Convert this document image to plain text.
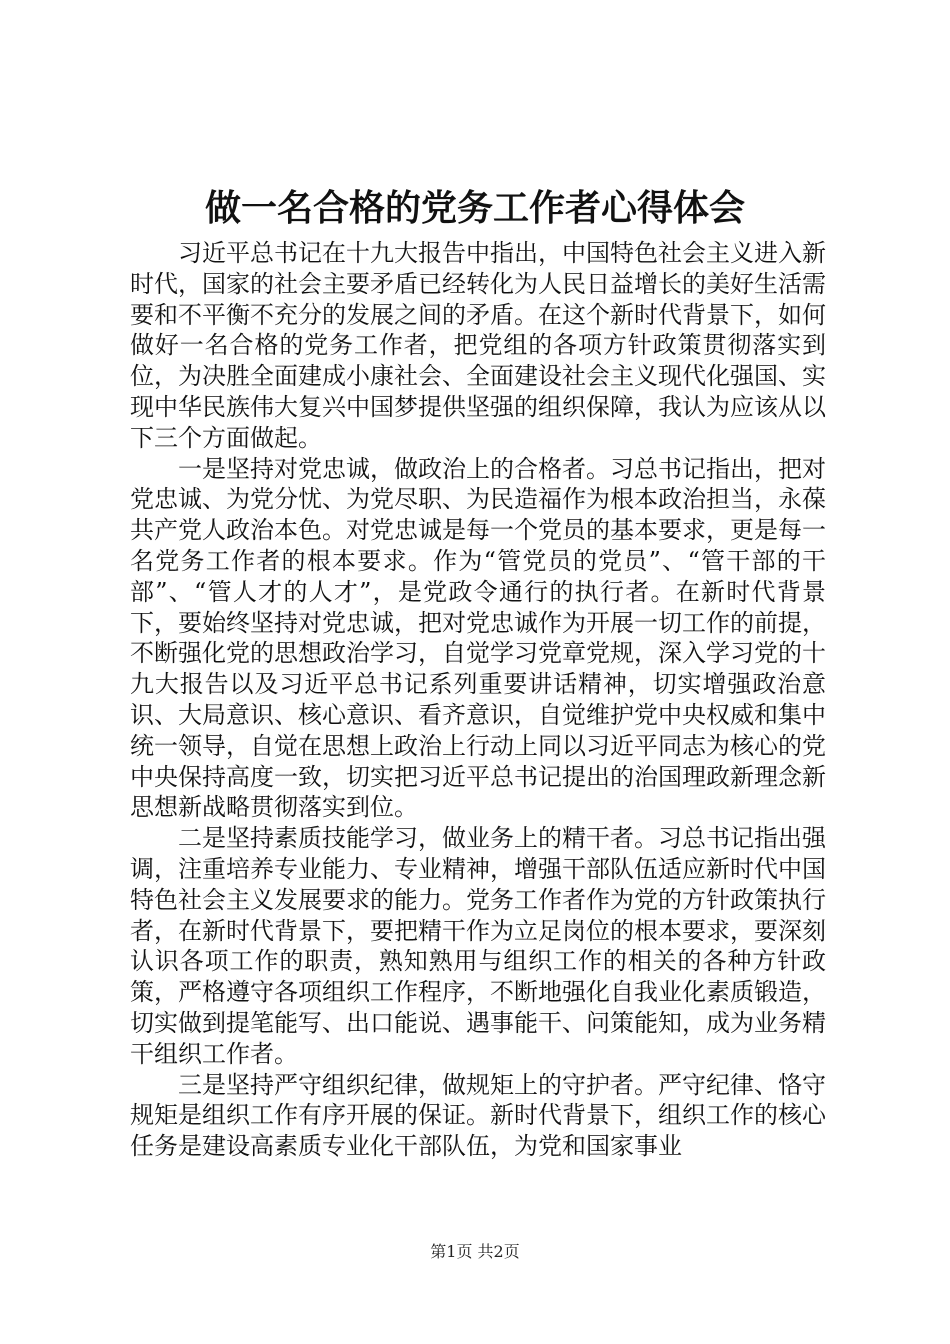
做一名合格的党务工作者心得体会

习近平总书记在十九大报告中指出，中国特色社会主义进入新时代，国家的社会主要矛盾已经转化为人民日益增长的美好生活需要和不平衡不充分的发展之间的矛盾。在这个新时代背景下，如何做好一名合格的党务工作者，把党组的各项方针政策贯彻落实到位，为决胜全面建成小康社会、全面建设社会主义现代化强国、实现中华民族伟大复兴中国梦提供坚强的组织保障，我认为应该从以下三个方面做起。

一是坚持对党忠诚，做政治上的合格者。习总书记指出，把对党忠诚、为党分忧、为党尽职、为民造福作为根本政治担当，永葆共产党人政治本色。对党忠诚是每一个党员的基本要求，更是每一名党务工作者的根本要求。作为“管党员的党员”、“管干部的干部”、“管人才的人才”，是党政令通行的执行者。在新时代背景下，要始终坚持对党忠诚，把对党忠诚作为开展一切工作的前提，不断强化党的思想政治学习，自觉学习党章党规，深入学习党的十九大报告以及习近平总书记系列重要讲话精神，切实增强政治意识、大局意识、核心意识、看齐意识，自觉维护党中央权威和集中统一领导，自觉在思想上政治上行动上同以习近平同志为核心的党中央保持高度一致，切实把习近平总书记提出的治国理政新理念新思想新战略贯彻落实到位。

二是坚持素质技能学习，做业务上的精干者。习总书记指出强调，注重培养专业能力、专业精神，增强干部队伍适应新时代中国特色社会主义发展要求的能力。党务工作者作为党的方针政策执行者，在新时代背景下，要把精干作为立足岗位的根本要求，要深刻认识各项工作的职责，熟知熟用与组织工作的相关的各种方针政策，严格遵守各项组织工作程序，不断地强化自我业化素质锻造，切实做到提笔能写、出口能说、遇事能干、问策能知，成为业务精干组织工作者。

三是坚持严守组织纪律，做规矩上的守护者。严守纪律、恪守规矩是组织工作有序开展的保证。新时代背景下，组织工作的核心任务是建设高素质专业化干部队伍，为党和国家事业

第1页 共2页
